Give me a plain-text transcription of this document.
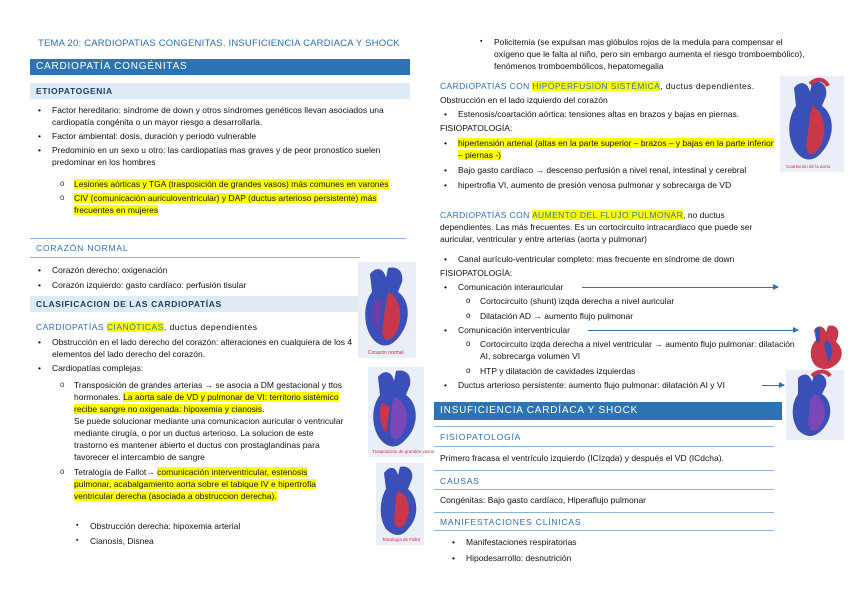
TEMA 20: CARDIOPATIAS CONGENITAS. INSUFICIENCIA CARDIACA Y SHOCK
CARDIOPATÍA CONGÉNITAS
ETIOPATOGENIA
• Factor hereditario: síndrome de down y otros síndromes genéticos llevan asociados una cardiopatía congénita o un mayor riesgo a desarrollarla.
• Factor ambiental: dosis, duración y periodo vulnerable
• Predominio en un sexo u otro: las cardiopatías mas graves y de peor pronostico suelen predominar en los hombres
o Lesiones aórticas y TGA (trasposición de grandes vasos) más comunes en varones
o CIV (comunicación auriculoventricular) y DAP (ductus arterioso persistente) más frecuentes en mujeres
CORAZÓN NORMAL
• Corazón derecho: oxigenación
• Corazón izquierdo: gasto cardíaco: perfusión tisular
CLASIFICACION DE LAS CARDIOPATÍAS
CARDIOPATÍAS CIANÓTICAS, ductus dependientes
• Obstrucción en el lado derecho del corazón: alteraciones en cualquiera de los 4 elementos del lado derecho del corazón.
• Cardiopatías complejas:
o Transposición de grandes arterias → se asocia a DM gestacional y ttos hormonales. La aorta sale de VD y pulmonar de VI: territorio sistémico recibe sangre no oxigenada: hipoxemia y cianosis.
Se puede solucionar mediante una comunicacion auricular o ventricular mediante cirugía, o por un ductus arterioso. La solucion de este trastorno es mantener abierto el ductus con prostaglandinas para favorecer el intercambio de sangre
o Tetralogía de Fallot→ comunicación interventricular, estenosis pulmonar, acabalgamiento aorta sobre el tabique IV e hipertrofia ventricular derecha (asociada a obstruccion derecha).
▪ Obstrucción derecha: hipoxemia arterial
▪ Cianosis, Disnea
Corazón normal
Trasposición de grandes vasos
Tetralogía de Fallot
▪ Policitemia (se expulsan mas glóbulos rojos de la medula para compensar el oxígeno que le falta al niño, pero sin embargo aumenta el riesgo tromboembólico), fenómenos tromboembólicos, hepatomegalia
CARDIOPATÍAS CON HIPOPERFUSIÓN SISTÉMICA, ductus dependientes.
Obstrucción en el lado izquierdo del corazón
• Estenosis/coartación aórtica: tensiones altas en brazos y bajas en piernas.
FISIOPATOLOGÍA:
• hipertensión arterial (altas en la parte superior – brazos – y bajas en la parte inferior – piernas -)
• Bajo gasto cardíaco → descenso perfusión a nivel renal, intestinal y cerebral
• hipertrofia VI, aumento de presión venosa pulmonar y sobrecarga de VD
CARDIOPATÍAS CON AUMENTO DEL FLUJO PULMONAR, no ductus dependientes. Las más frecuentes. Es un cortocircuito intracardiaco que puede ser auricular, ventricular y entre arterias (aorta y pulmonar)
• Canal aurículo-ventricular completo: mas frecuente en síndrome de down
FISIOPATOLOGÍA:
• Comunicación interauricular
o Cortocircuito (shunt) izqda derecha a nivel auricular
o Dilatación AD → aumento flujo pulmonar
• Comunicación interventricular
o Cortocircuito izqda derecha a nivel ventricular → aumento flujo pulmonar: dilatación AI, sobrecarga volumen VI
o HTP y dilatación de cavidades izquierdas
• Ductus arterioso persistente: aumento flujo pulmonar: dilatación AI y VI
Coartación de la aorta
INSUFICIENCIA CARDÍACA Y SHOCK
FISIOPATOLOGÍA
Primero fracasa el ventrículo izquierdo (ICIzqda) y después el VD (ICdcha).
CAUSAS
Congénitas: Bajo gasto cardíaco, Hiperaflujo pulmonar
MANIFESTACIONES CLÍNICAS
• Manifestaciones respiratorias
• Hipodesarrollo: desnutrición
